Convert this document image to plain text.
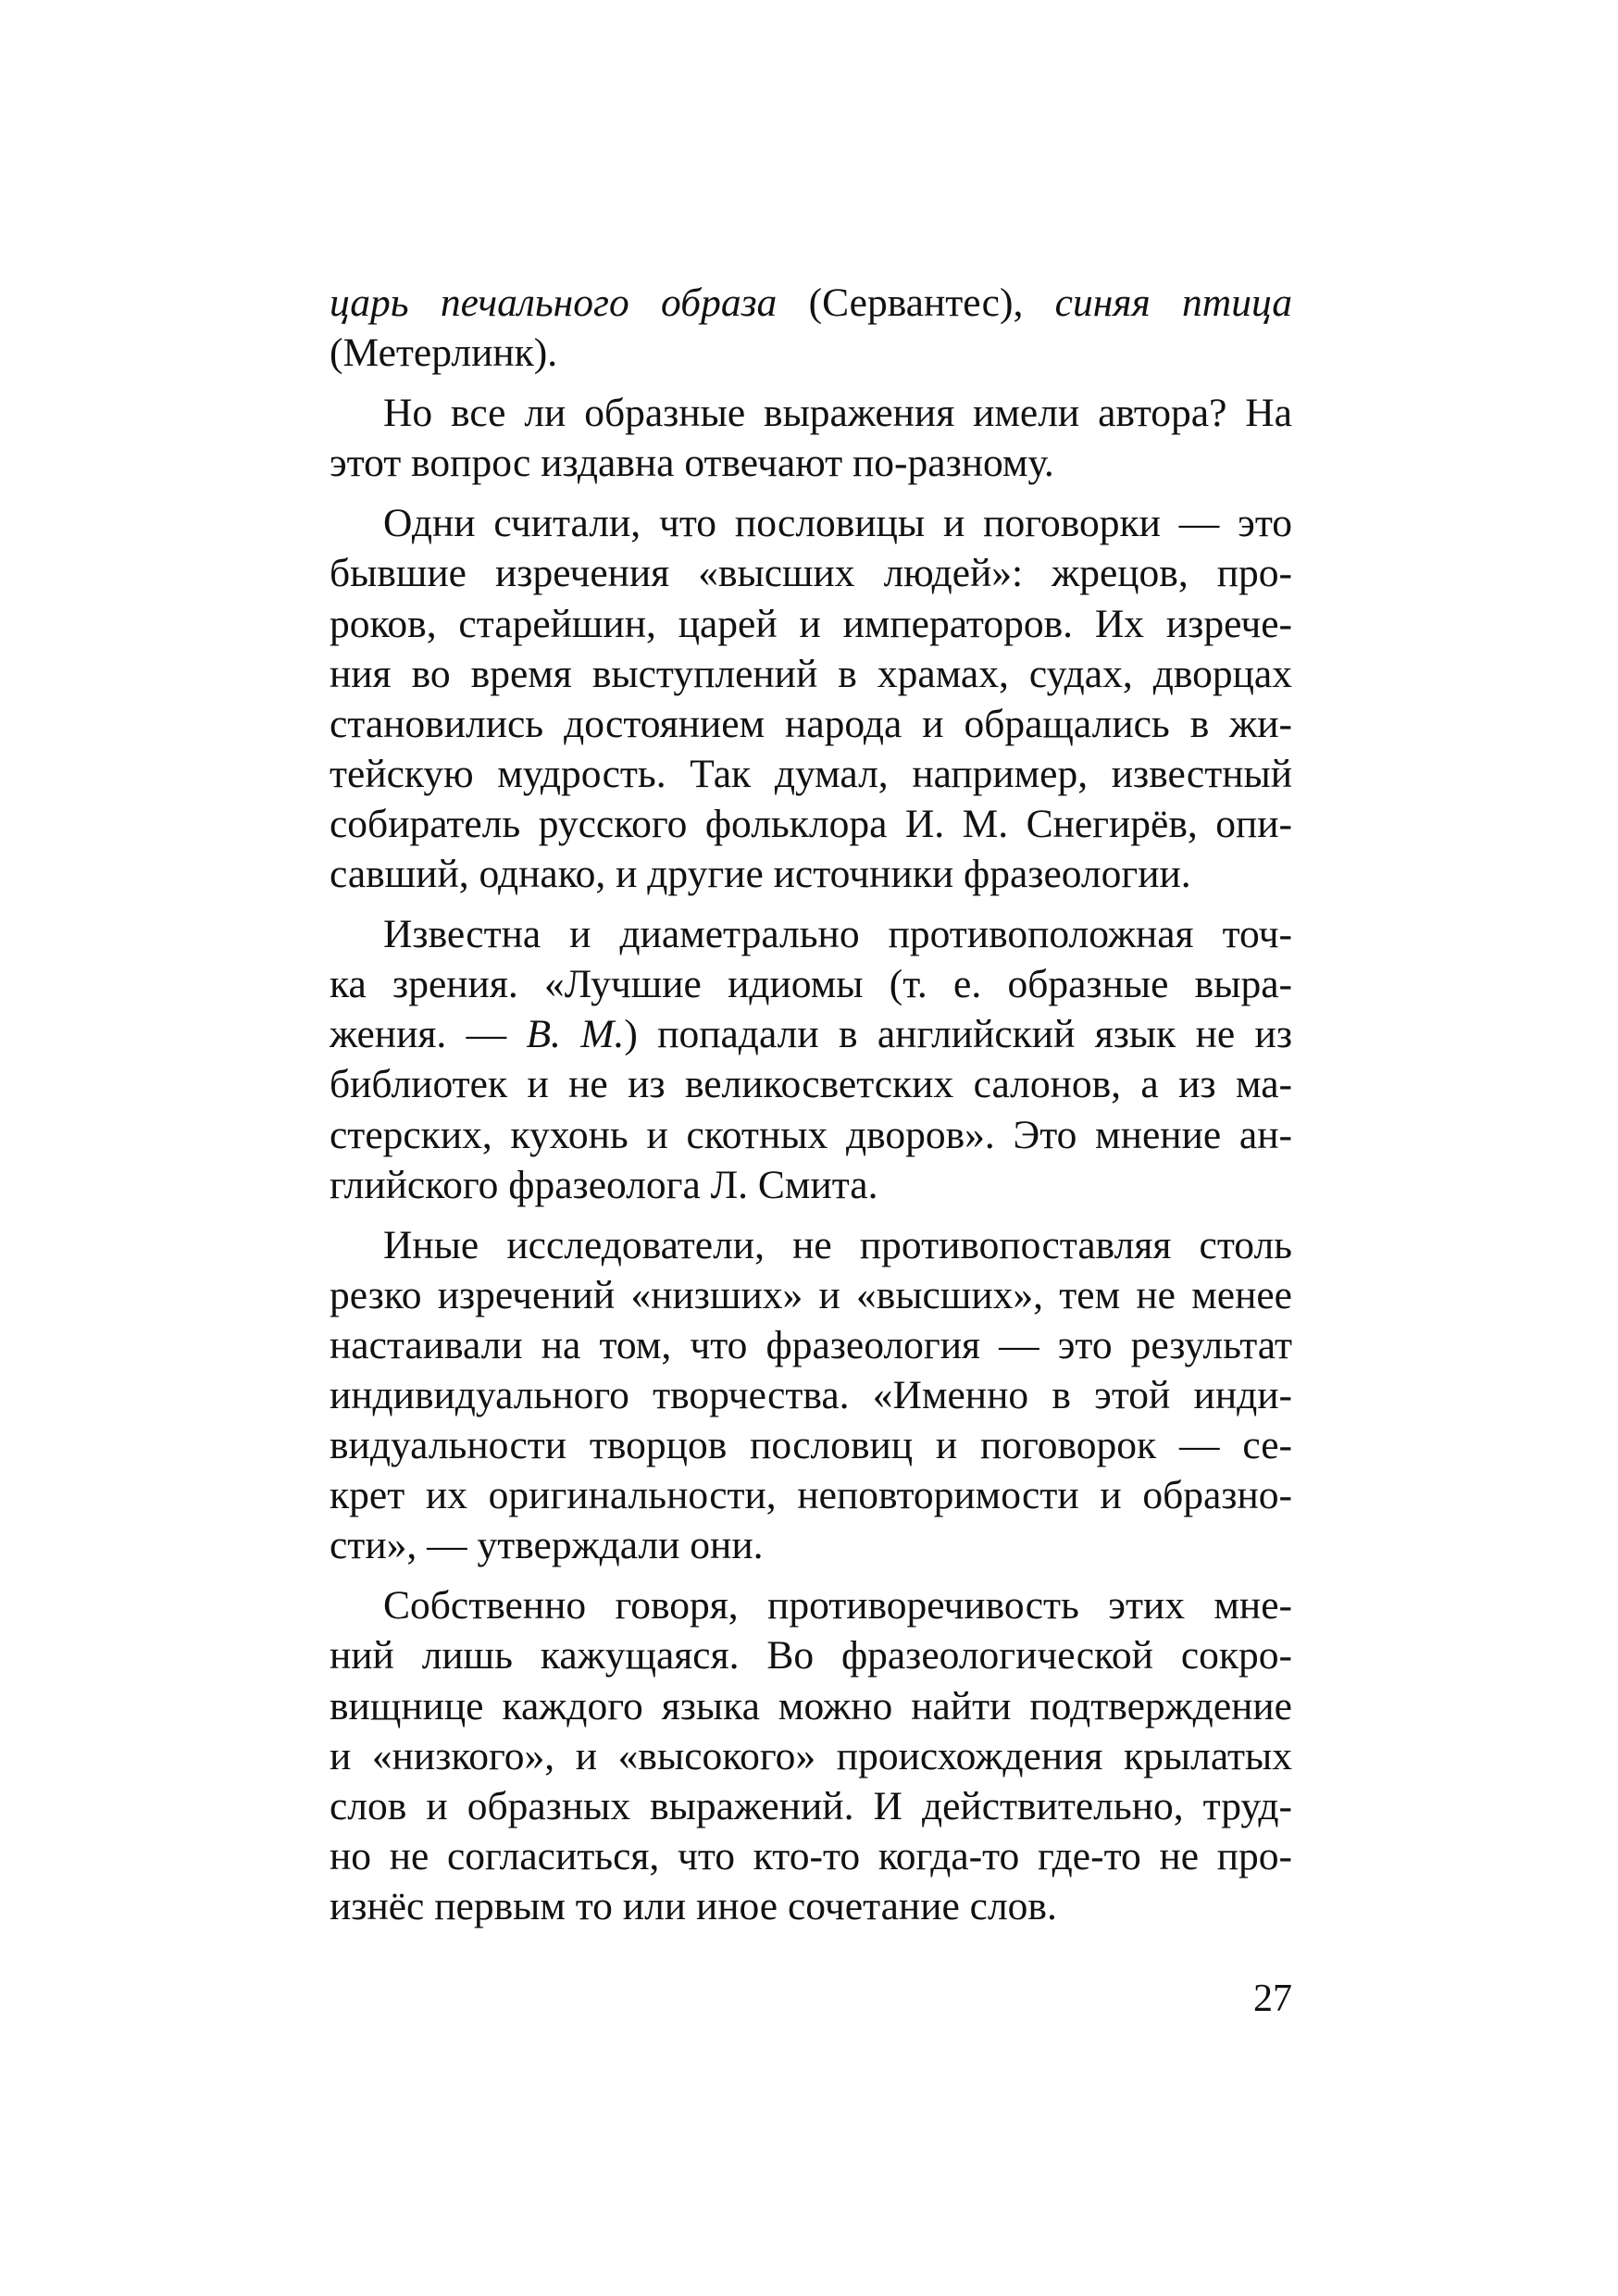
царь печального образа (Сервантес), синяя птица
(Метерлинк).
Но все ли образные выражения имели автора? На
этот вопрос издавна отвечают по-разному.
Одни считали, что пословицы и поговорки — это
бывшие изречения «высших людей»: жрецов, про-
роков, старейшин, царей и императоров. Их изрече-
ния во время выступлений в храмах, судах, дворцах
становились достоянием народа и обращались в жи-
тейскую мудрость. Так думал, например, известный
собиратель русского фольклора И. М. Снегирёв, опи-
савший, однако, и другие источники фразеологии.
Известна и диаметрально противоположная точ-
ка зрения. «Лучшие идиомы (т. е. образные выра-
жения. — В. М.) попадали в английский язык не из
библиотек и не из великосветских салонов, а из ма-
стерских, кухонь и скотных дворов». Это мнение ан-
глийского фразеолога Л. Смита.
Иные исследователи, не противопоставляя столь
резко изречений «низших» и «высших», тем не менее
настаивали на том, что фразеология — это результат
индивидуального творчества. «Именно в этой инди-
видуальности творцов пословиц и поговорок — се-
крет их оригинальности, неповторимости и образно-
сти», — утверждали они.
Собственно говоря, противоречивость этих мне-
ний лишь кажущаяся. Во фразеологической сокро-
вищнице каждого языка можно найти подтверждение
и «низкого», и «высокого» происхождения крылатых
слов и образных выражений. И действительно, труд-
но не согласиться, что кто-то когда-то где-то не про-
изнёс первым то или иное сочетание слов.
27
